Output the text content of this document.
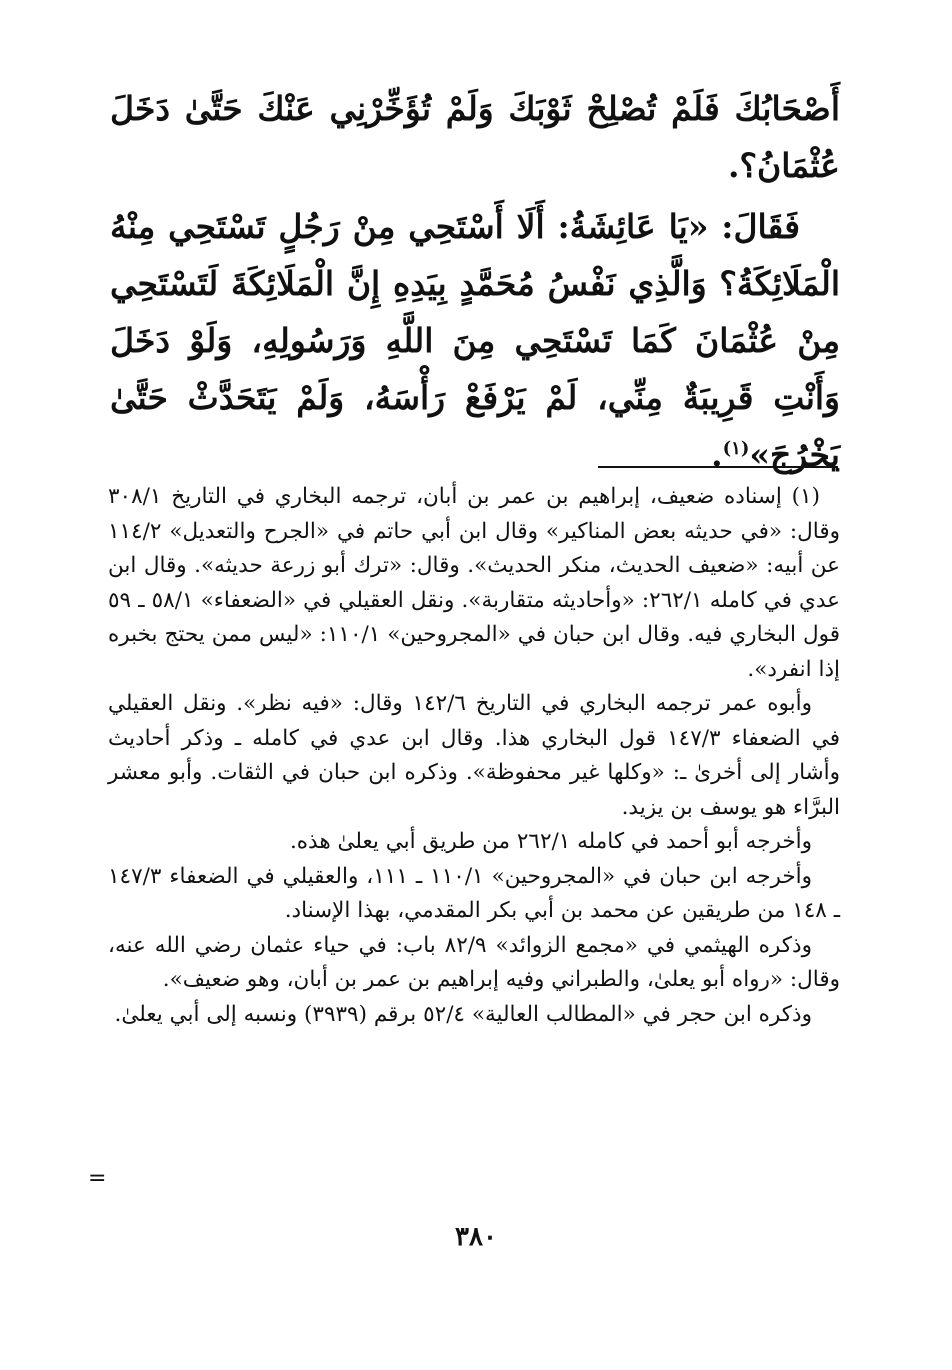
أَصْحَابُكَ فَلَمْ تُصْلِحْ ثَوْبَكَ وَلَمْ تُؤَخِّرْنِي عَنْكَ حَتَّىٰ دَخَلَ عُثْمَانُ؟.

فَقَالَ: «يَا عَائِشَةُ: أَلَا أَسْتَحِي مِنْ رَجُلٍ تَسْتَحِي مِنْهُ الْمَلَائِكَةُ؟ وَالَّذِي نَفْسُ مُحَمَّدٍ بِيَدِهِ إِنَّ الْمَلَائِكَةَ لَتَسْتَحِي مِنْ عُثْمَانَ كَمَا تَسْتَحِي مِنَ اللَّهِ وَرَسُولِهِ، وَلَوْ دَخَلَ وَأَنْتِ قَرِيبَةٌ مِنِّي، لَمْ يَرْفَعْ رَأْسَهُ، وَلَمْ يَتَحَدَّثْ حَتَّىٰ يَخْرُجَ»$^{(١)}$.

(١) إسناده ضعيف، إبراهيم بن عمر بن أبان، ترجمه البخاري في التاريخ ٣٠٨/١ وقال: «في حديثه بعض المناكير» وقال ابن أبي حاتم في «الجرح والتعديل» ١١٤/٢ عن أبيه: «ضعيف الحديث، منكر الحديث». وقال: «ترك أبو زرعة حديثه». وقال ابن عدي في كامله ٢٦٢/١: «وأحاديثه متقاربة». ونقل العقيلي في «الضعفاء» ٥٨/١ ـ ٥٩ قول البخاري فيه. وقال ابن حبان في «المجروحين» ١١٠/١: «ليس ممن يحتج بخبره إذا انفرد».

وأبوه عمر ترجمه البخاري في التاريخ ١٤٢/٦ وقال: «فيه نظر». ونقل العقيلي في الضعفاء ١٤٧/٣ قول البخاري هذا. وقال ابن عدي في كامله ـ وذكر أحاديث وأشار إلى أخرىٰ ـ: «وكلها غير محفوظة». وذكره ابن حبان في الثقات. وأبو معشر البرَّاء هو يوسف بن يزيد.

وأخرجه أبو أحمد في كامله ٢٦٢/١ من طريق أبي يعلىٰ هذه.

وأخرجه ابن حبان في «المجروحين» ١١٠/١ ـ ١١١، والعقيلي في الضعفاء ١٤٧/٣ ـ ١٤٨ من طريقين عن محمد بن أبي بكر المقدمي، بهذا الإسناد.

وذكره الهيثمي في «مجمع الزوائد» ٨٢/٩ باب: في حياء عثمان رضي الله عنه، وقال: «رواه أبو يعلىٰ، والطبراني وفيه إبراهيم بن عمر بن أبان، وهو ضعيف».

وذكره ابن حجر في «المطالب العالية» ٥٢/٤ برقم (٣٩٣٩) ونسبه إلى أبي يعلىٰ.

=
٣٨٠
